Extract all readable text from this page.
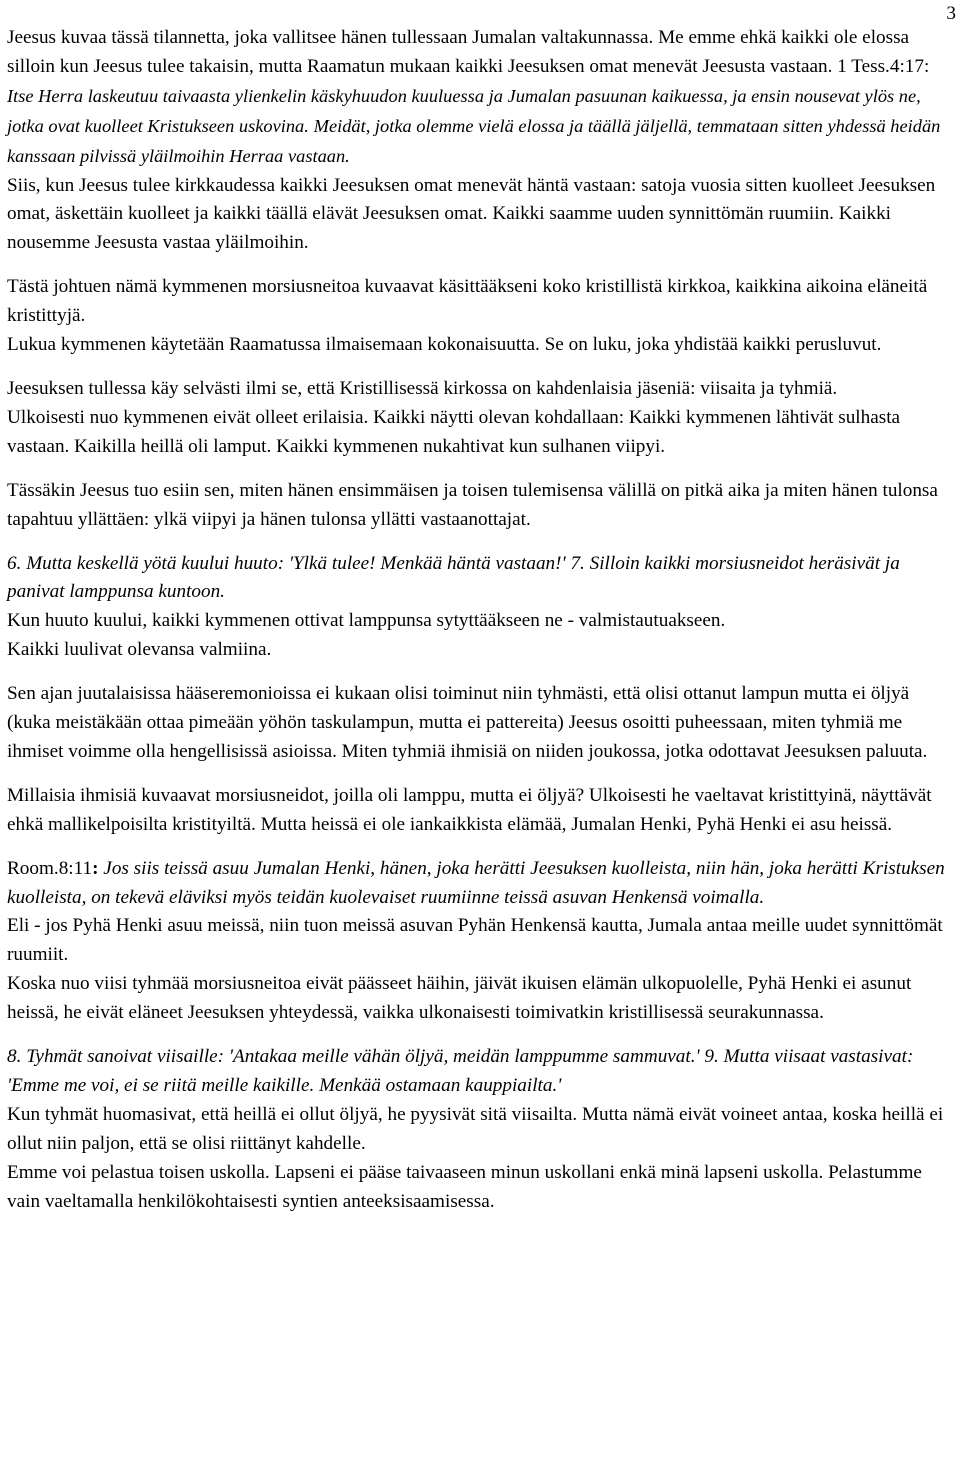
3

Jeesus kuvaa tässä tilannetta, joka vallitsee hänen tullessaan Jumalan valtakunnassa. Me emme ehkä kaikki ole elossa silloin kun Jeesus tulee takaisin, mutta Raamatun mukaan kaikki Jeesuksen omat menevät Jeesusta vastaan. 1 Tess.4:17: Itse Herra laskeutuu taivaasta ylienkelin käskyhuudon kuuluessa ja Jumalan pasuunan kaikuessa, ja ensin nousevat ylös ne, jotka ovat kuolleet Kristukseen uskovina. Meidät, jotka olemme vielä elossa ja täällä jäljellä, temmataan sitten yhdessä heidän kanssaan pilvissä yläilmoihin Herraa vastaan.

Siis, kun Jeesus tulee kirkkaudessa kaikki Jeesuksen omat menevät häntä vastaan: satoja vuosia sitten kuolleet Jeesuksen omat, äskettäin kuolleet ja kaikki täällä elävät Jeesuksen omat. Kaikki saamme uuden synnittömän ruumiin. Kaikki nousemme Jeesusta vastaa yläilmoihin.

Tästä johtuen nämä kymmenen morsiusneitoa kuvaavat käsittääkseni koko kristillistä kirkkoa, kaikkina aikoina eläneitä kristittyjä.

Lukua kymmenen käytetään Raamatussa ilmaisemaan kokonaisuutta. Se on luku, joka yhdistää kaikki perusluvut.

Jeesuksen tullessa käy selvästi ilmi se, että Kristillisessä kirkossa on kahdenlaisia jäseniä: viisaita ja tyhmiä.

Ulkoisesti nuo kymmenen eivät olleet erilaisia. Kaikki näytti olevan kohdallaan: Kaikki kymmenen lähtivät sulhasta vastaan. Kaikilla heillä oli lamput. Kaikki kymmenen nukahtivat kun sulhanen viipyi.

Tässäkin Jeesus tuo esiin sen, miten hänen ensimmäisen ja toisen tulemisensa välillä on pitkä aika ja miten hänen tulonsa tapahtuu yllättäen: ylkä viipyi ja hänen tulonsa yllätti vastaanottajat.

6. Mutta keskellä yötä kuului huuto: 'Ylkä tulee! Menkää häntä vastaan!' 7. Silloin kaikki morsiusneidot heräsivät ja panivat lamppunsa kuntoon.

Kun huuto kuului, kaikki kymmenen ottivat lamppunsa sytyttääkseen ne - valmistautuakseen.

Kaikki luulivat olevansa valmiina.

Sen ajan juutalaisissa hääseremonioissa ei kukaan olisi toiminut niin tyhmästi, että olisi ottanut lampun mutta ei öljyä (kuka meistäkään ottaa pimeään yöhön taskulampun, mutta ei pattereita) Jeesus osoitti puheessaan, miten tyhmiä me ihmiset voimme olla hengellisissä asioissa. Miten tyhmiä ihmisiä on niiden joukossa, jotka odottavat Jeesuksen paluuta.

Millaisia ihmisiä kuvaavat morsiusneidot, joilla oli lamppu, mutta ei öljyä? Ulkoisesti he vaeltavat kristittyinä, näyttävät ehkä mallikelpoisilta kristityiltä. Mutta heissä ei ole iankaikkista elämää, Jumalan Henki, Pyhä Henki ei asu heissä.

Room.8:11: Jos siis teissä asuu Jumalan Henki, hänen, joka herätti Jeesuksen kuolleista, niin hän, joka herätti Kristuksen kuolleista, on tekevä eläviksi myös teidän kuolevaiset ruumiinne teissä asuvan Henkensä voimalla.

Eli - jos Pyhä Henki asuu meissä, niin tuon meissä asuvan Pyhän Henkensä kautta, Jumala antaa meille uudet synnittömät ruumiit.

Koska nuo viisi tyhmää morsiusneitoa eivät päässeet häihin, jäivät ikuisen elämän ulkopuolelle, Pyhä Henki ei asunut heissä, he eivät eläneet Jeesuksen yhteydessä, vaikka ulkonaisesti toimivatkin kristillisessä seurakunnassa.

8. Tyhmät sanoivat viisaille: 'Antakaa meille vähän öljyä, meidän lamppumme sammuvat.' 9. Mutta viisaat vastasivat: 'Emme me voi, ei se riitä meille kaikille. Menkää ostamaan kauppiailta.'

Kun tyhmät huomasivat, että heillä ei ollut öljyä, he pyysivät sitä viisailta. Mutta nämä eivät voineet antaa, koska heillä ei ollut niin paljon, että se olisi riittänyt kahdelle.

Emme voi pelastua toisen uskolla. Lapseni ei pääse taivaaseen minun uskollani enkä minä lapseni uskolla. Pelastumme vain vaeltamalla henkilökohtaisesti syntien anteeksisaamisessa.
